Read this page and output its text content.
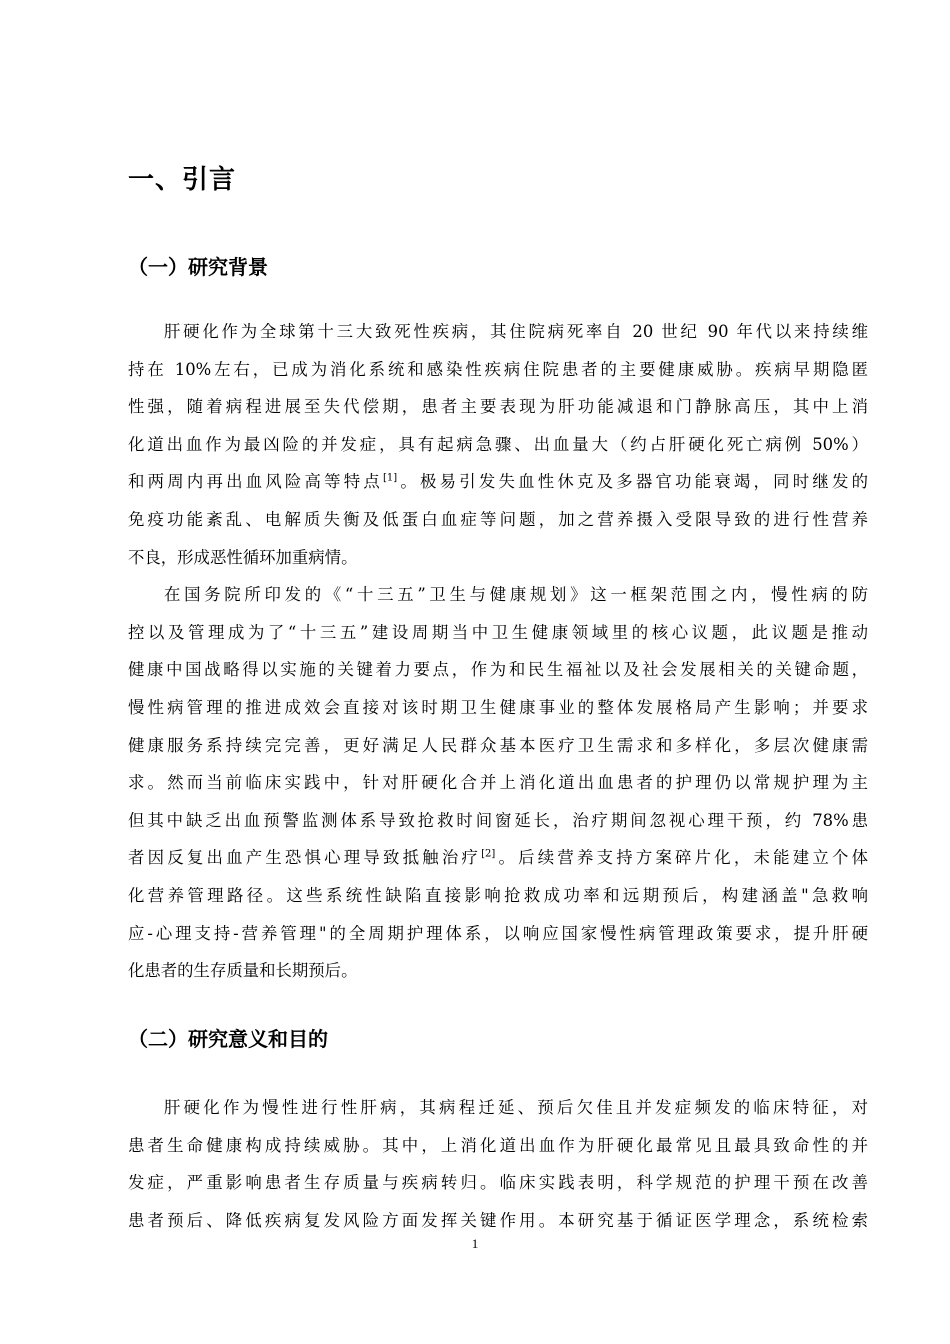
一、引言
（一）研究背景
肝硬化作为全球第十三大致死性疾病，其住院病死率自 20 世纪 90 年代以来持续维
持在 10%左右，已成为消化系统和感染性疾病住院患者的主要健康威胁。疾病早期隐匿
性强，随着病程进展至失代偿期，患者主要表现为肝功能减退和门静脉高压，其中上消
化道出血作为最凶险的并发症，具有起病急骤、出血量大（约占肝硬化死亡病例 50%）
和两周内再出血风险高等特点[1]。极易引发失血性休克及多器官功能衰竭，同时继发的
免疫功能紊乱、电解质失衡及低蛋白血症等问题，加之营养摄入受限导致的进行性营养
不良，形成恶性循环加重病情。
在国务院所印发的《“十三五”卫生与健康规划》这一框架范围之内，慢性病的防
控以及管理成为了“十三五”建设周期当中卫生健康领域里的核心议题，此议题是推动
健康中国战略得以实施的关键着力要点，作为和民生福祉以及社会发展相关的关键命题，
慢性病管理的推进成效会直接对该时期卫生健康事业的整体发展格局产生影响；并要求
健康服务系持续完完善，更好满足人民群众基本医疗卫生需求和多样化，多层次健康需
求。然而当前临床实践中，针对肝硬化合并上消化道出血患者的护理仍以常规护理为主
但其中缺乏出血预警监测体系导致抢救时间窗延长，治疗期间忽视心理干预，约 78%患
者因反复出血产生恐惧心理导致抵触治疗[2]。后续营养支持方案碎片化，未能建立个体
化营养管理路径。这些系统性缺陷直接影响抢救成功率和远期预后，构建涵盖"急救响
应-心理支持-营养管理"的全周期护理体系，以响应国家慢性病管理政策要求，提升肝硬
化患者的生存质量和长期预后。
（二）研究意义和目的
肝硬化作为慢性进行性肝病，其病程迁延、预后欠佳且并发症频发的临床特征，对
患者生命健康构成持续威胁。其中，上消化道出血作为肝硬化最常见且最具致命性的并
发症，严重影响患者生存质量与疾病转归。临床实践表明，科学规范的护理干预在改善
患者预后、降低疾病复发风险方面发挥关键作用。本研究基于循证医学理念，系统检索
1
